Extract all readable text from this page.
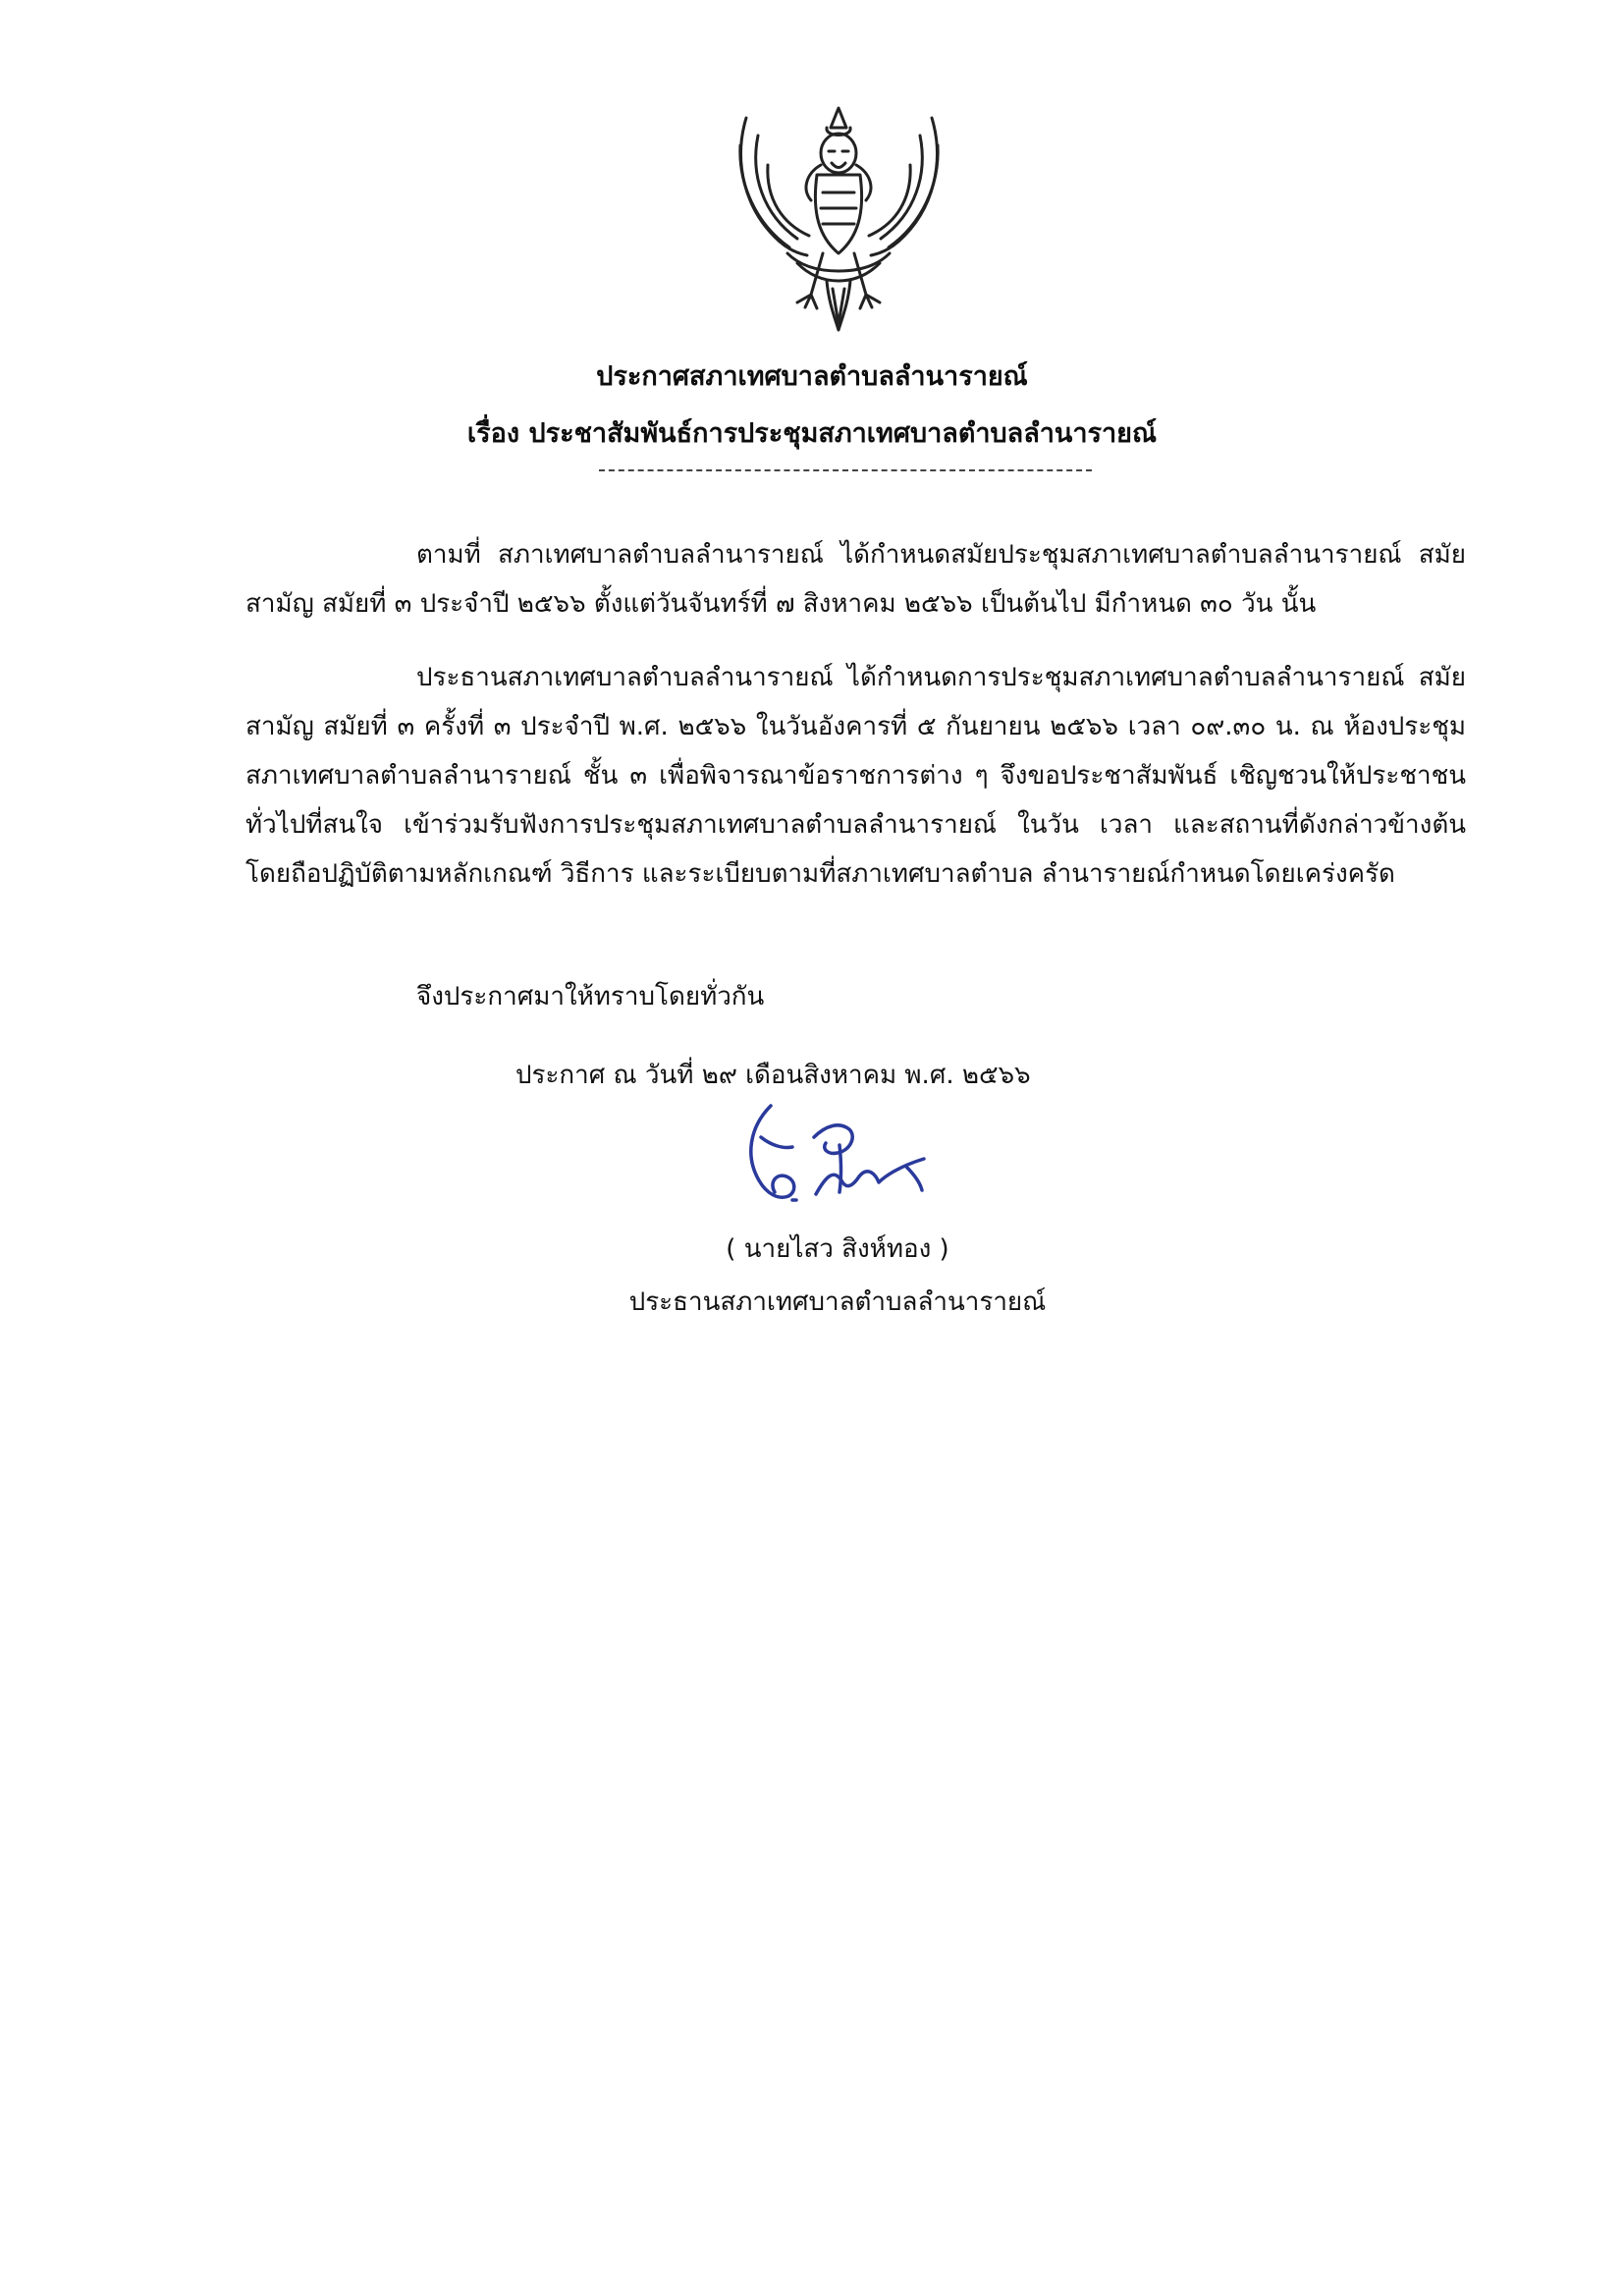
ประกาศสภาเทศบาลตำบลลำนารายณ์
เรื่อง ประชาสัมพันธ์การประชุมสภาเทศบาลตำบลลำนารายณ์
ตามที่ สภาเทศบาลตำบลลำนารายณ์ ได้กำหนดสมัยประชุมสภาเทศบาลตำบลลำนารายณ์ สมัยสามัญ สมัยที่ ๓ ประจำปี ๒๕๖๖ ตั้งแต่วันจันทร์ที่ ๗ สิงหาคม ๒๕๖๖ เป็นต้นไป มีกำหนด ๓๐ วัน นั้น
ประธานสภาเทศบาลตำบลลำนารายณ์ ได้กำหนดการประชุมสภาเทศบาลตำบลลำนารายณ์ สมัยสามัญ สมัยที่ ๓ ครั้งที่ ๓ ประจำปี พ.ศ. ๒๕๖๖ ในวันอังคารที่ ๕ กันยายน ๒๕๖๖ เวลา ๐๙.๓๐ น. ณ ห้องประชุมสภาเทศบาลตำบลลำนารายณ์ ชั้น ๓ เพื่อพิจารณาข้อราชการต่าง ๆ จึงขอประชาสัมพันธ์ เชิญชวนให้ประชาชนทั่วไปที่สนใจ เข้าร่วมรับฟังการประชุมสภาเทศบาลตำบลลำนารายณ์ ในวัน เวลา และสถานที่ดังกล่าวข้างต้น โดยถือปฏิบัติตามหลักเกณฑ์ วิธีการ และระเบียบตามที่สภาเทศบาลตำบล ลำนารายณ์กำหนดโดยเคร่งครัด
จึงประกาศมาให้ทราบโดยทั่วกัน
ประกาศ ณ วันที่ ๒๙ เดือนสิงหาคม พ.ศ. ๒๕๖๖
( นายไสว สิงห์ทอง )
ประธานสภาเทศบาลตำบลลำนารายณ์
